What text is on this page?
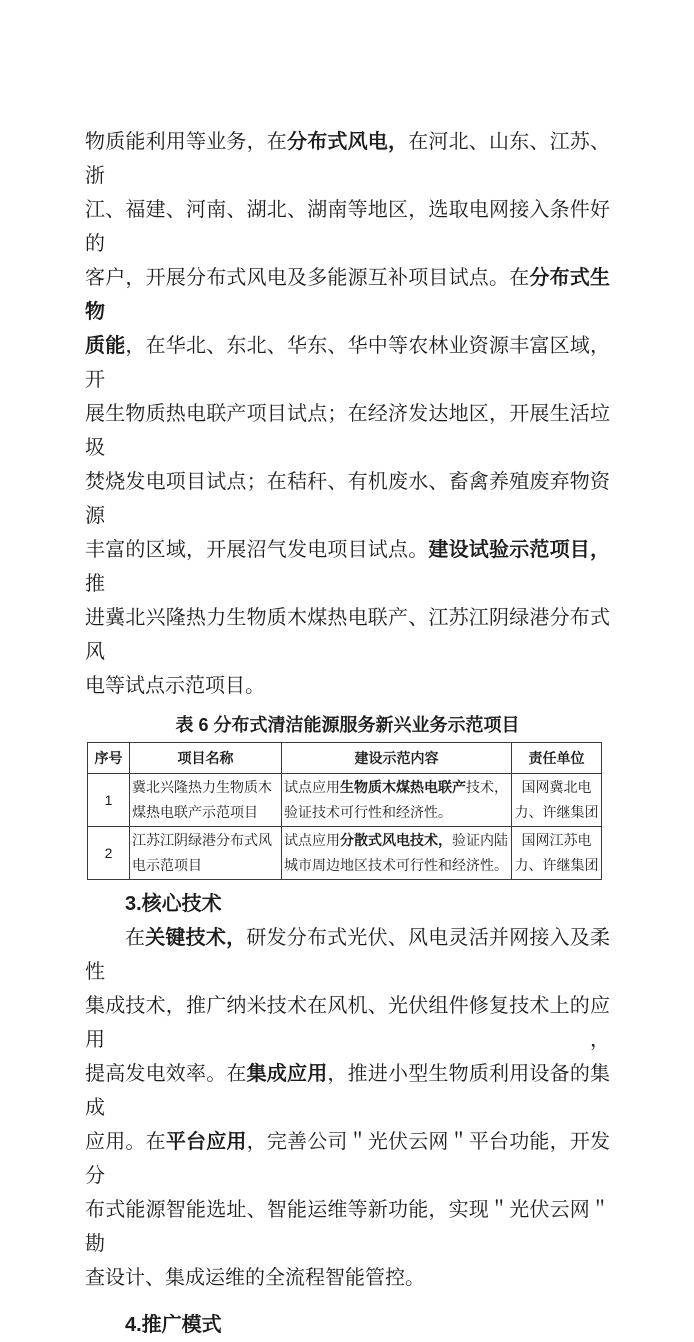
物质能利用等业务，在分布式风电，在河北、山东、江苏、浙
江、福建、河南、湖北、湖南等地区，选取电网接入条件好的
客户，开展分布式风电及多能源互补项目试点。在分布式生物
质能，在华北、东北、华东、华中等农林业资源丰富区域，开
展生物质热电联产项目试点；在经济发达地区，开展生活垃圾
焚烧发电项目试点；在秸秆、有机废水、畜禽养殖废弃物资源
丰富的区域，开展沼气发电项目试点。建设试验示范项目，推
进冀北兴隆热力生物质木煤热电联产、江苏江阴绿港分布式风
电等试点示范项目。
表 6 分布式清洁能源服务新兴业务示范项目
序号	项目名称	建设示范内容	责任单位
1	冀北兴隆热力生物质木煤热电联产示范项目	试点应用生物质木煤热电联产技术，验证技术可行性和经济性。	国网冀北电力、许继集团
2	江苏江阴绿港分布式风电示范项目	试点应用分散式风电技术，验证内陆城市周边地区技术可行性和经济性。	国网江苏电力、许继集团
3.核心技术
在关键技术，研发分布式光伏、风电灵活并网接入及柔性
集成技术，推广纳米技术在风机、光伏组件修复技术上的应用，
提高发电效率。在集成应用，推进小型生物质利用设备的集成
应用。在平台应用，完善公司＂光伏云网＂平台功能，开发分
布式能源智能选址、智能运维等新功能，实现＂光伏云网＂勘
查设计、集成运维的全流程智能管控。
4.推广模式
